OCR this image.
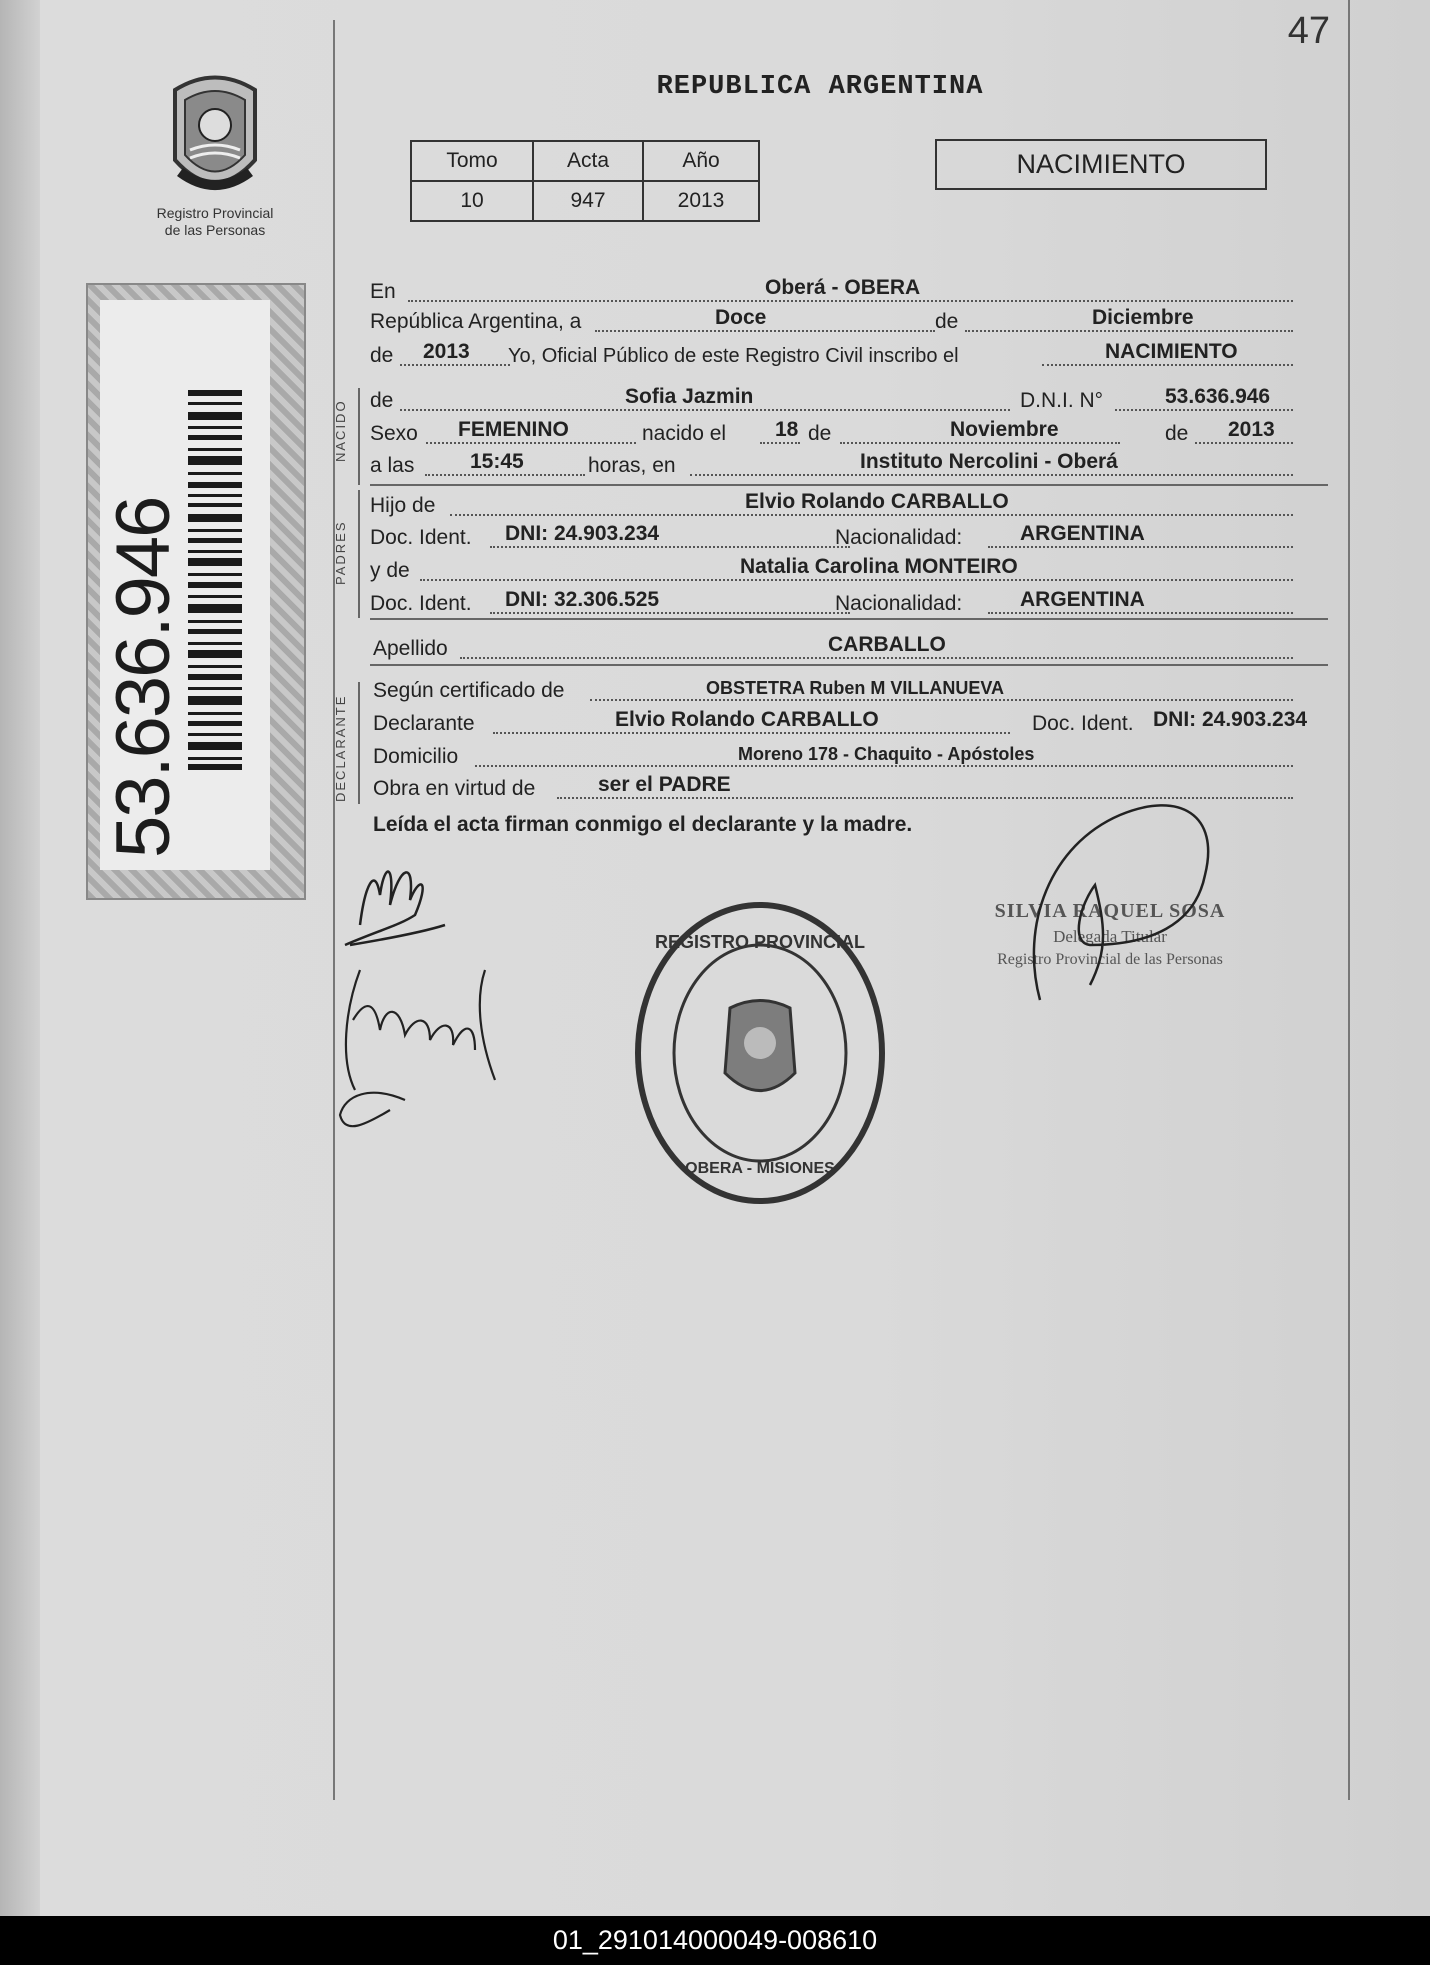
47
REPUBLICA ARGENTINA
Registro Provincial
de las Personas
53.636.946
Tomo	Acta	Año
10	947	2013
NACIMIENTO
En	Oberá - OBERA
República Argentina, a	Doce	de	Diciembre
de 2013 Yo, Oficial Público de este Registro Civil inscribo el	NACIMIENTO
NACIDO de	Sofia Jazmin	D.N.I. N°	53.636.946
Sexo FEMENINO	nacido el 18 de	Noviembre	de 2013
a las	15:45	horas, en	Instituto Nercolini - Oberá
PADRES
Hijo de	Elvio Rolando CARBALLO
Doc. Ident. DNI: 24.903.234	Nacionalidad:	ARGENTINA
y de	Natalia Carolina MONTEIRO
Doc. Ident. DNI: 32.306.525	Nacionalidad:	ARGENTINA
Apellido	CARBALLO
DECLARANTE
Según certificado de	OBSTETRA Ruben M VILLANUEVA
Declarante	Elvio Rolando CARBALLO	Doc. Ident. DNI: 24.903.234
Domicilio	Moreno 178 - Chaquito - Apóstoles
Obra en virtud de	ser el PADRE
Leída el acta firman conmigo el declarante y la madre.
SILVIA RAQUEL SOSA
Delegada Titular
Registro Provincial de las Personas
REGISTRO PROVINCIAL
OBERA - MISIONES
01_291014000049-008610
